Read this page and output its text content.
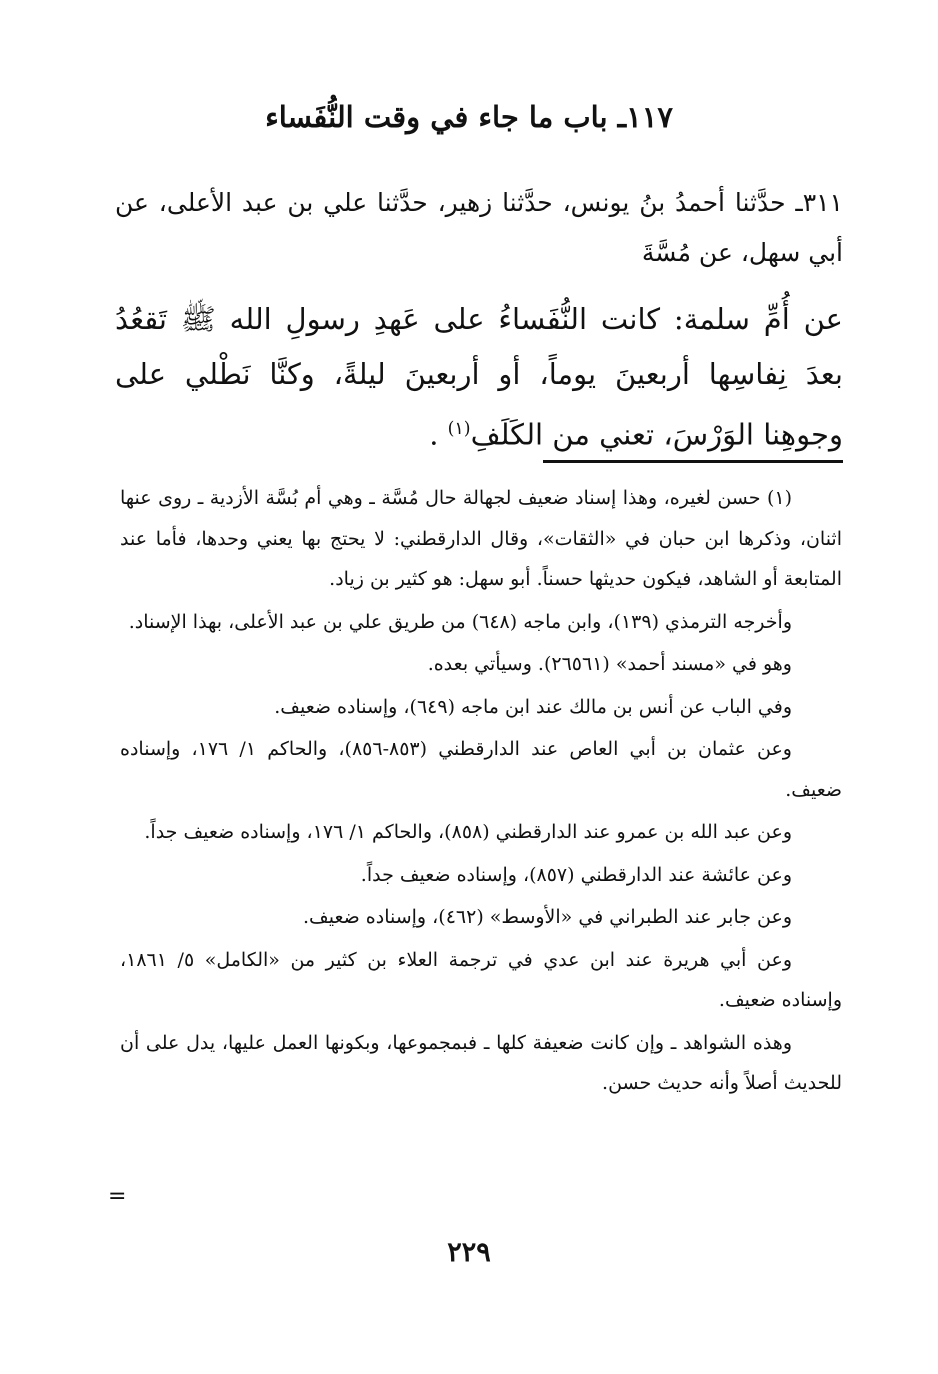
١١٧ـ باب ما جاء في وقت النُّفَساء
٣١١ـ حدَّثنا أحمدُ بنُ يونس، حدَّثنا زهير، حدَّثنا علي بن عبد الأعلى، عن أبي سهل، عن مُسَّةَ
عن أُمِّ سلمة: كانت النُّفَساءُ على عَهدِ رسولِ الله ﷺ تَقعُدُ بعدَ نِفاسِها أربعينَ يوماً، أو أربعينَ ليلةً، وكنَّا نَطْلي على وجوهِنا الوَرْسَ، تعني من الكَلَفِ$^{(١)}$ .

(١) حسن لغيره، وهذا إسناد ضعيف لجهالة حال مُسَّة ـ وهي أم بُسَّة الأزدية ـ روى عنها اثنان، وذكرها ابن حبان في «الثقات»، وقال الدارقطني: لا يحتج بها يعني وحدها، فأما عند المتابعة أو الشاهد، فيكون حديثها حسناً. أبو سهل: هو كثير بن زياد.

وأخرجه الترمذي (١٣٩)، وابن ماجه (٦٤٨) من طريق علي بن عبد الأعلى، بهذا الإسناد.

وهو في «مسند أحمد» (٢٦٥٦١). وسيأتي بعده.

وفي الباب عن أنس بن مالك عند ابن ماجه (٦٤٩)، وإسناده ضعيف.

وعن عثمان بن أبي العاص عند الدارقطني (٨٥٣-٨٥٦)، والحاكم ١/ ١٧٦، وإسناده ضعيف.

وعن عبد الله بن عمرو عند الدارقطني (٨٥٨)، والحاكم ١/ ١٧٦، وإسناده ضعيف جداً.

وعن عائشة عند الدارقطني (٨٥٧)، وإسناده ضعيف جداً.

وعن جابر عند الطبراني في «الأوسط» (٤٦٢)، وإسناده ضعيف.

وعن أبي هريرة عند ابن عدي في ترجمة العلاء بن كثير من «الكامل» ٥/ ١٨٦١، وإسناده ضعيف.

وهذه الشواهد ـ وإن كانت ضعيفة كلها ـ فبمجموعها، وبكونها العمل عليها، يدل على أن للحديث أصلاً وأنه حديث حسن.

=
٢٢٩
